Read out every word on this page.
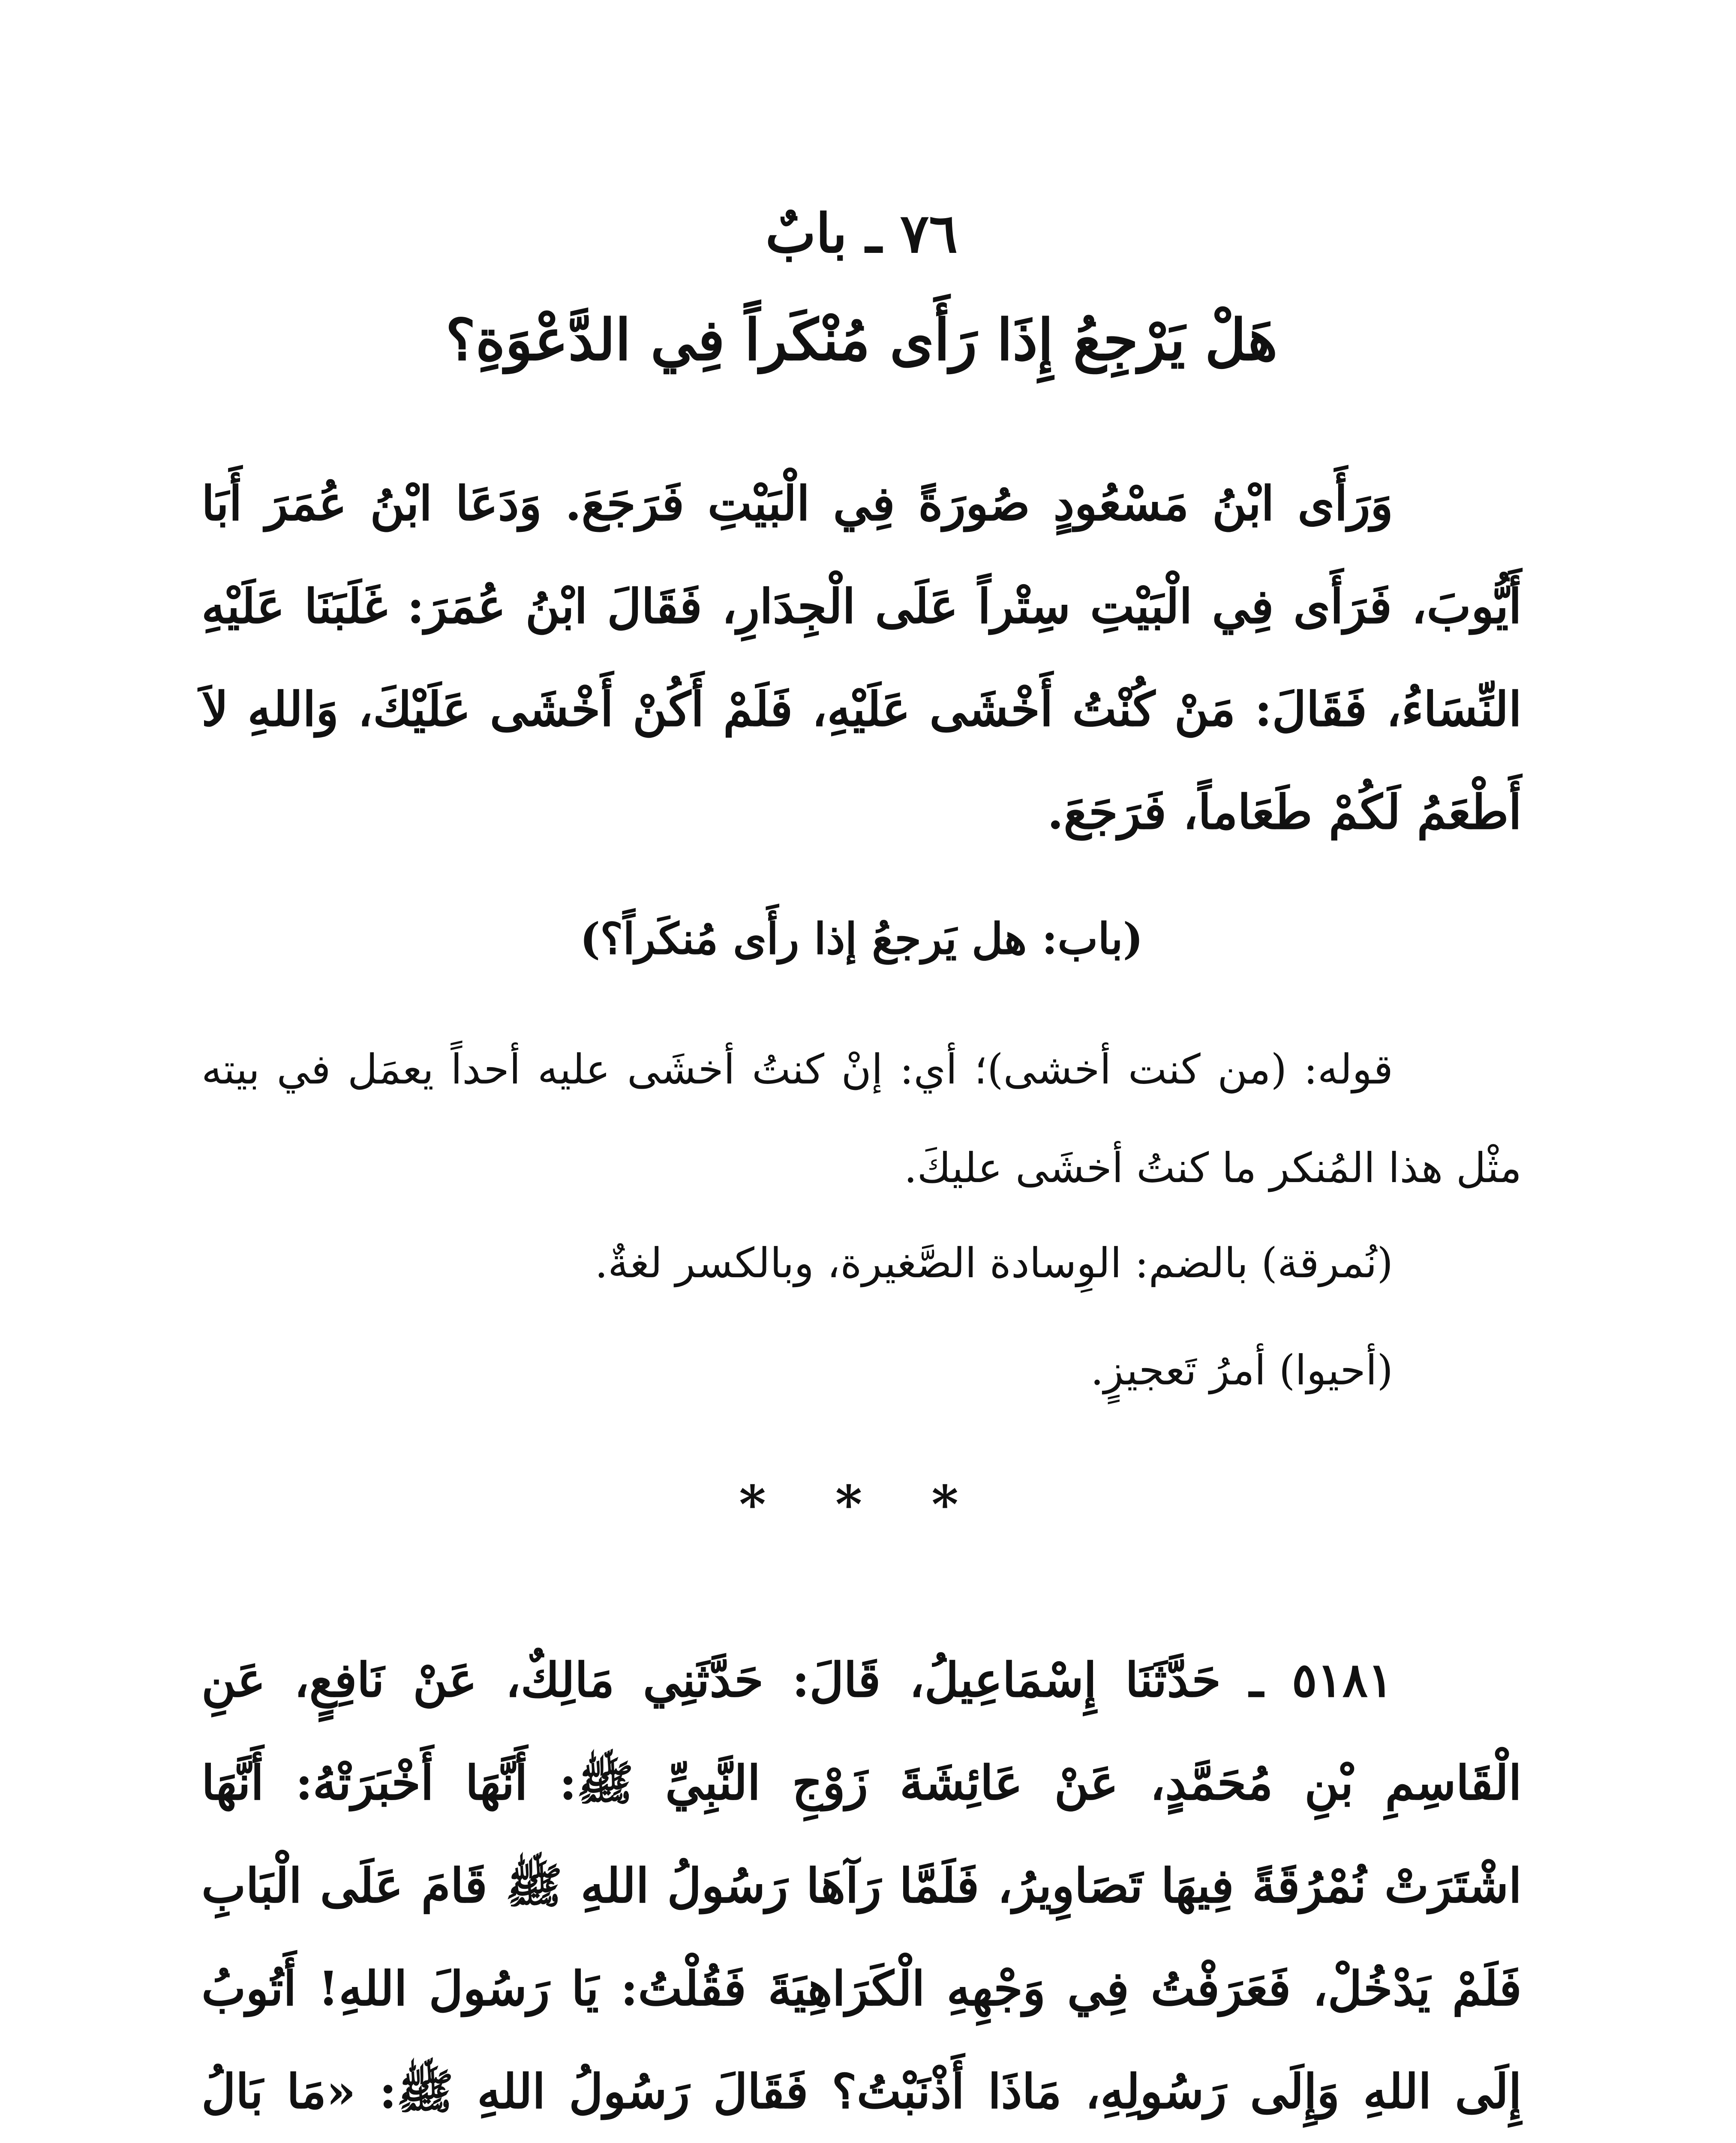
٧٦ ـ بابٌ
هَلْ يَرْجِعُ إِذَا رَأَى مُنْكَراً فِي الدَّعْوَةِ؟
وَرَأَى ابْنُ مَسْعُودٍ صُورَةً فِي الْبَيْتِ فَرَجَعَ. وَدَعَا ابْنُ عُمَرَ أَبَا أَيُّوبَ، فَرَأَى فِي الْبَيْتِ سِتْراً عَلَى الْجِدَارِ، فَقَالَ ابْنُ عُمَرَ: غَلَبَنَا عَلَيْهِ النِّسَاءُ، فَقَالَ: مَنْ كُنْتُ أَخْشَى عَلَيْهِ، فَلَمْ أَكُنْ أَخْشَى عَلَيْكَ، وَاللهِ لاَ أَطْعَمُ لَكُمْ طَعَاماً، فَرَجَعَ.
(باب: هل يَرجعُ إذا رأَى مُنكَراً؟)
قوله: (من كنت أخشى)؛ أي: إنْ كنتُ أخشَى عليه أحداً يعمَل في بيته مثْل هذا المُنكر ما كنتُ أخشَى عليكَ.
(نُمرقة) بالضم: الوِسادة الصَّغيرة، وبالكسر لغةٌ.
(أحيوا) أمرُ تَعجيزٍ.
* * *
٥١٨١ ـ حَدَّثَنَا إِسْمَاعِيلُ، قَالَ: حَدَّثَنِي مَالِكٌ، عَنْ نَافِعٍ، عَنِ الْقَاسِمِ بْنِ مُحَمَّدٍ، عَنْ عَائِشَةَ زَوْجِ النَّبِيِّ ﷺ: أَنَّهَا أَخْبَرَتْهُ: أَنَّهَا اشْتَرَتْ نُمْرُقَةً فِيهَا تَصَاوِيرُ، فَلَمَّا رَآهَا رَسُولُ اللهِ ﷺ قَامَ عَلَى الْبَابِ فَلَمْ يَدْخُلْ، فَعَرَفْتُ فِي وَجْهِهِ الْكَرَاهِيَةَ فَقُلْتُ: يَا رَسُولَ اللهِ! أَتُوبُ إِلَى اللهِ وَإِلَى رَسُولِهِ، مَاذَا أَذْنَبْتُ؟ فَقَالَ رَسُولُ اللهِ ﷺ: «مَا بَالُ
